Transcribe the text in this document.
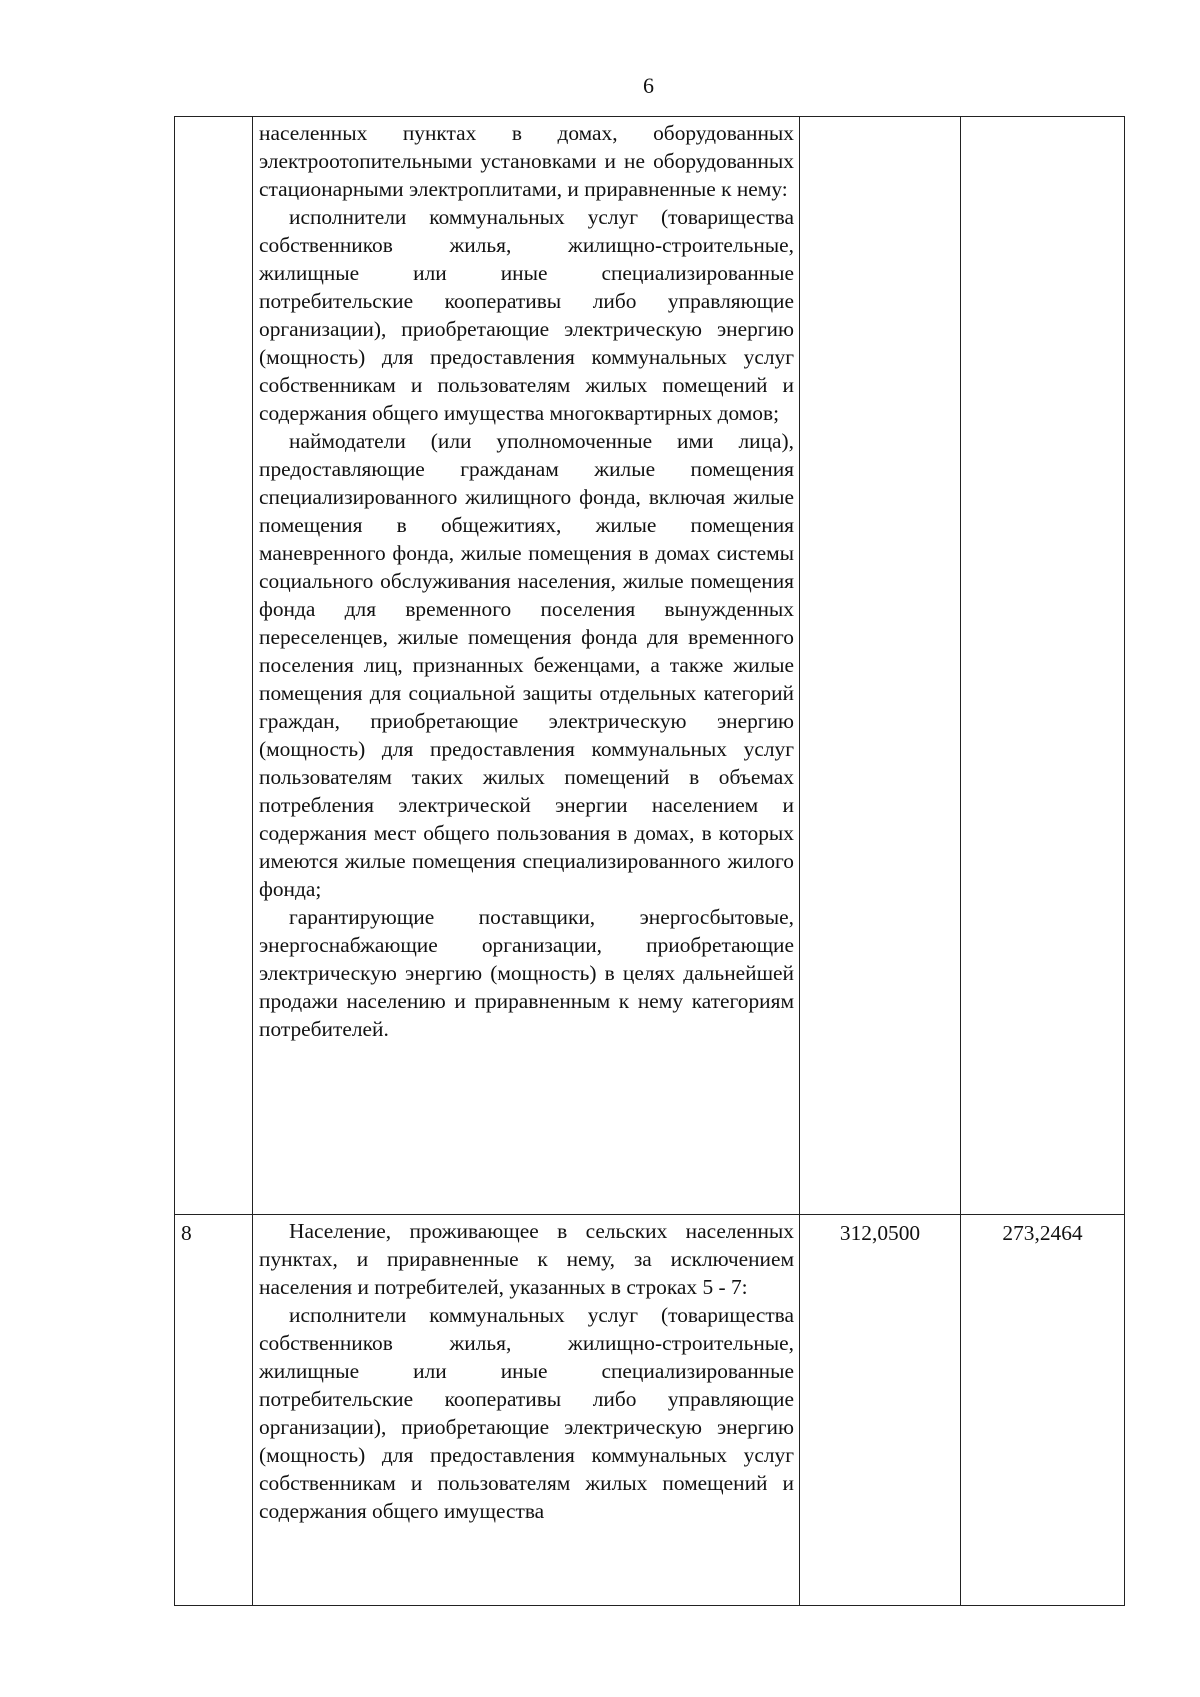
6

	населенных пунктах в домах, оборудованных электроотопительными установками и не оборудованных стационарными электроплитами, и приравненные к нему:

исполнители коммунальных услуг (товарищества собственников жилья, жилищно-строительные, жилищные или иные специализированные потребительские кооперативы либо управляющие организации), приобретающие электрическую энергию (мощность) для предоставления коммунальных услуг собственникам и пользователям жилых помещений и содержания общего имущества многоквартирных домов;

наймодатели (или уполномоченные ими лица), предоставляющие гражданам жилые помещения специализированного жилищного фонда, включая жилые помещения в общежитиях, жилые помещения маневренного фонда, жилые помещения в домах системы социального обслуживания населения, жилые помещения фонда для временного поселения вынужденных переселенцев, жилые помещения фонда для временного поселения лиц, признанных беженцами, а также жилые помещения для социальной защиты отдельных категорий граждан, приобретающие электрическую энергию (мощность) для предоставления коммунальных услуг пользователям таких жилых помещений в объемах потребления электрической энергии населением и содержания мест общего пользования в домах, в которых имеются жилые помещения специализированного жилого фонда;

гарантирующие поставщики, энергосбытовые, энергоснабжающие организации, приобретающие электрическую энергию (мощность) в целях дальнейшей продажи населению и приравненным к нему категориям потребителей.		

8	Население, проживающее в сельских населенных пунктах, и приравненные к нему, за исключением населения и потребителей, указанных в строках 5 - 7:

исполнители коммунальных услуг (товарищества собственников жилья, жилищно-строительные, жилищные или иные специализированные потребительские кооперативы либо управляющие организации), приобретающие электрическую энергию (мощность) для предоставления коммунальных услуг собственникам и пользователям жилых помещений и содержания общего имущества	312,0500	273,2464
